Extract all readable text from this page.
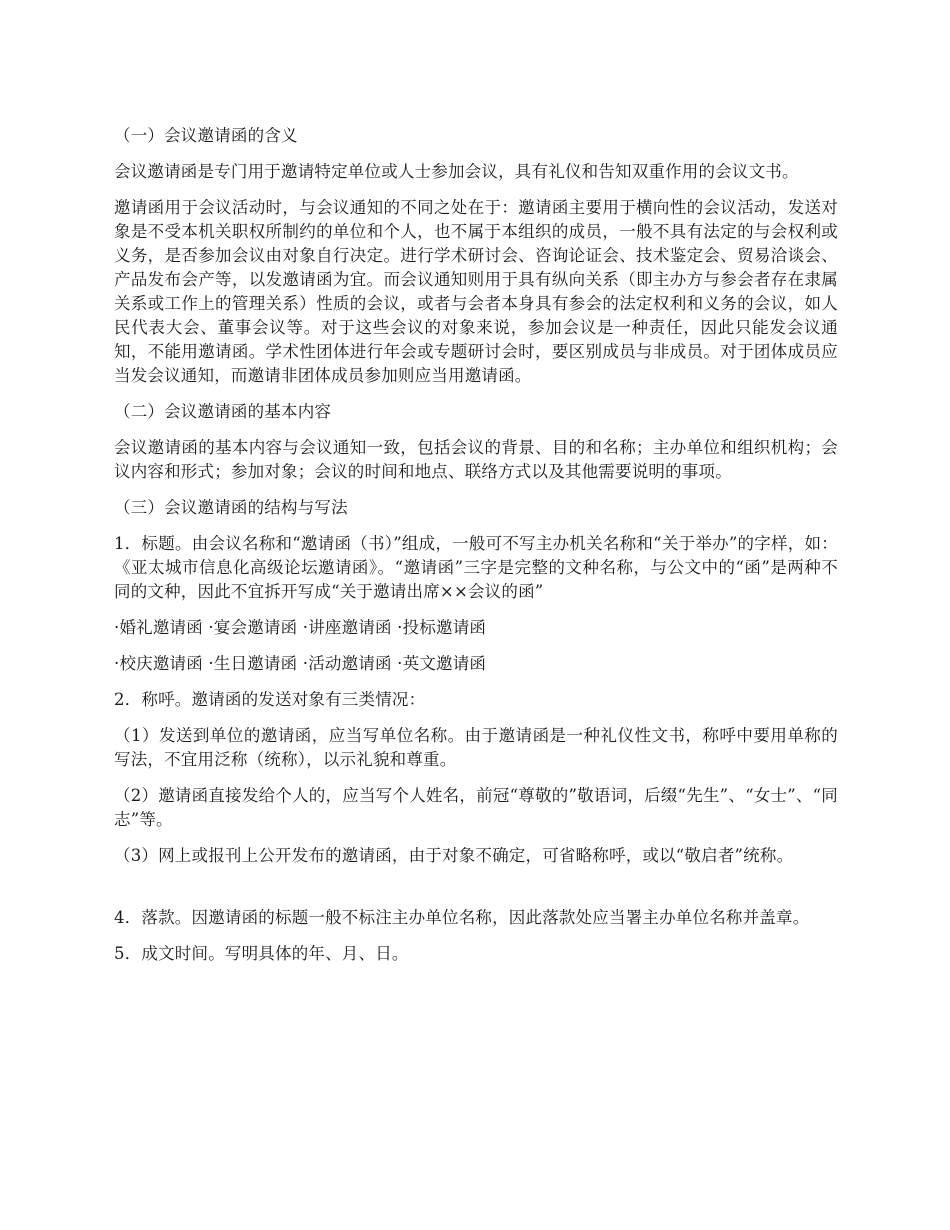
（一）会议邀请函的含义

会议邀请函是专门用于邀请特定单位或人士参加会议，具有礼仪和告知双重作用的会议文书。

邀请函用于会议活动时，与会议通知的不同之处在于：邀请函主要用于横向性的会议活动，发送对象是不受本机关职权所制约的单位和个人，也不属于本组织的成员，一般不具有法定的与会权利或义务，是否参加会议由对象自行决定。进行学术研讨会、咨询论证会、技术鉴定会、贸易洽谈会、产品发布会产等，以发邀请函为宜。而会议通知则用于具有纵向关系（即主办方与参会者存在隶属关系或工作上的管理关系）性质的会议，或者与会者本身具有参会的法定权利和义务的会议，如人民代表大会、董事会议等。对于这些会议的对象来说，参加会议是一种责任，因此只能发会议通知，不能用邀请函。学术性团体进行年会或专题研讨会时，要区别成员与非成员。对于团体成员应当发会议通知，而邀请非团体成员参加则应当用邀请函。

（二）会议邀请函的基本内容

会议邀请函的基本内容与会议通知一致，包括会议的背景、目的和名称；主办单位和组织机构；会议内容和形式；参加对象；会议的时间和地点、联络方式以及其他需要说明的事项。

（三）会议邀请函的结构与写法

1．标题。由会议名称和“邀请函（书）”组成，一般可不写主办机关名称和“关于举办”的字样，如：《亚太城市信息化高级论坛邀请函》。“邀请函”三字是完整的文种名称，与公文中的“函”是两种不同的文种，因此不宜拆开写成“关于邀请出席××会议的函”

·婚礼邀请函 ·宴会邀请函 ·讲座邀请函 ·投标邀请函

·校庆邀请函 ·生日邀请函 ·活动邀请函 ·英文邀请函

2．称呼。邀请函的发送对象有三类情况：

（1）发送到单位的邀请函，应当写单位名称。由于邀请函是一种礼仪性文书，称呼中要用单称的写法，不宜用泛称（统称），以示礼貌和尊重。

（2）邀请函直接发给个人的，应当写个人姓名，前冠“尊敬的”敬语词，后缀“先生”、“女士”、“同志”等。

（3）网上或报刊上公开发布的邀请函，由于对象不确定，可省略称呼，或以“敬启者”统称。

4．落款。因邀请函的标题一般不标注主办单位名称，因此落款处应当署主办单位名称并盖章。

5．成文时间。写明具体的年、月、日。
